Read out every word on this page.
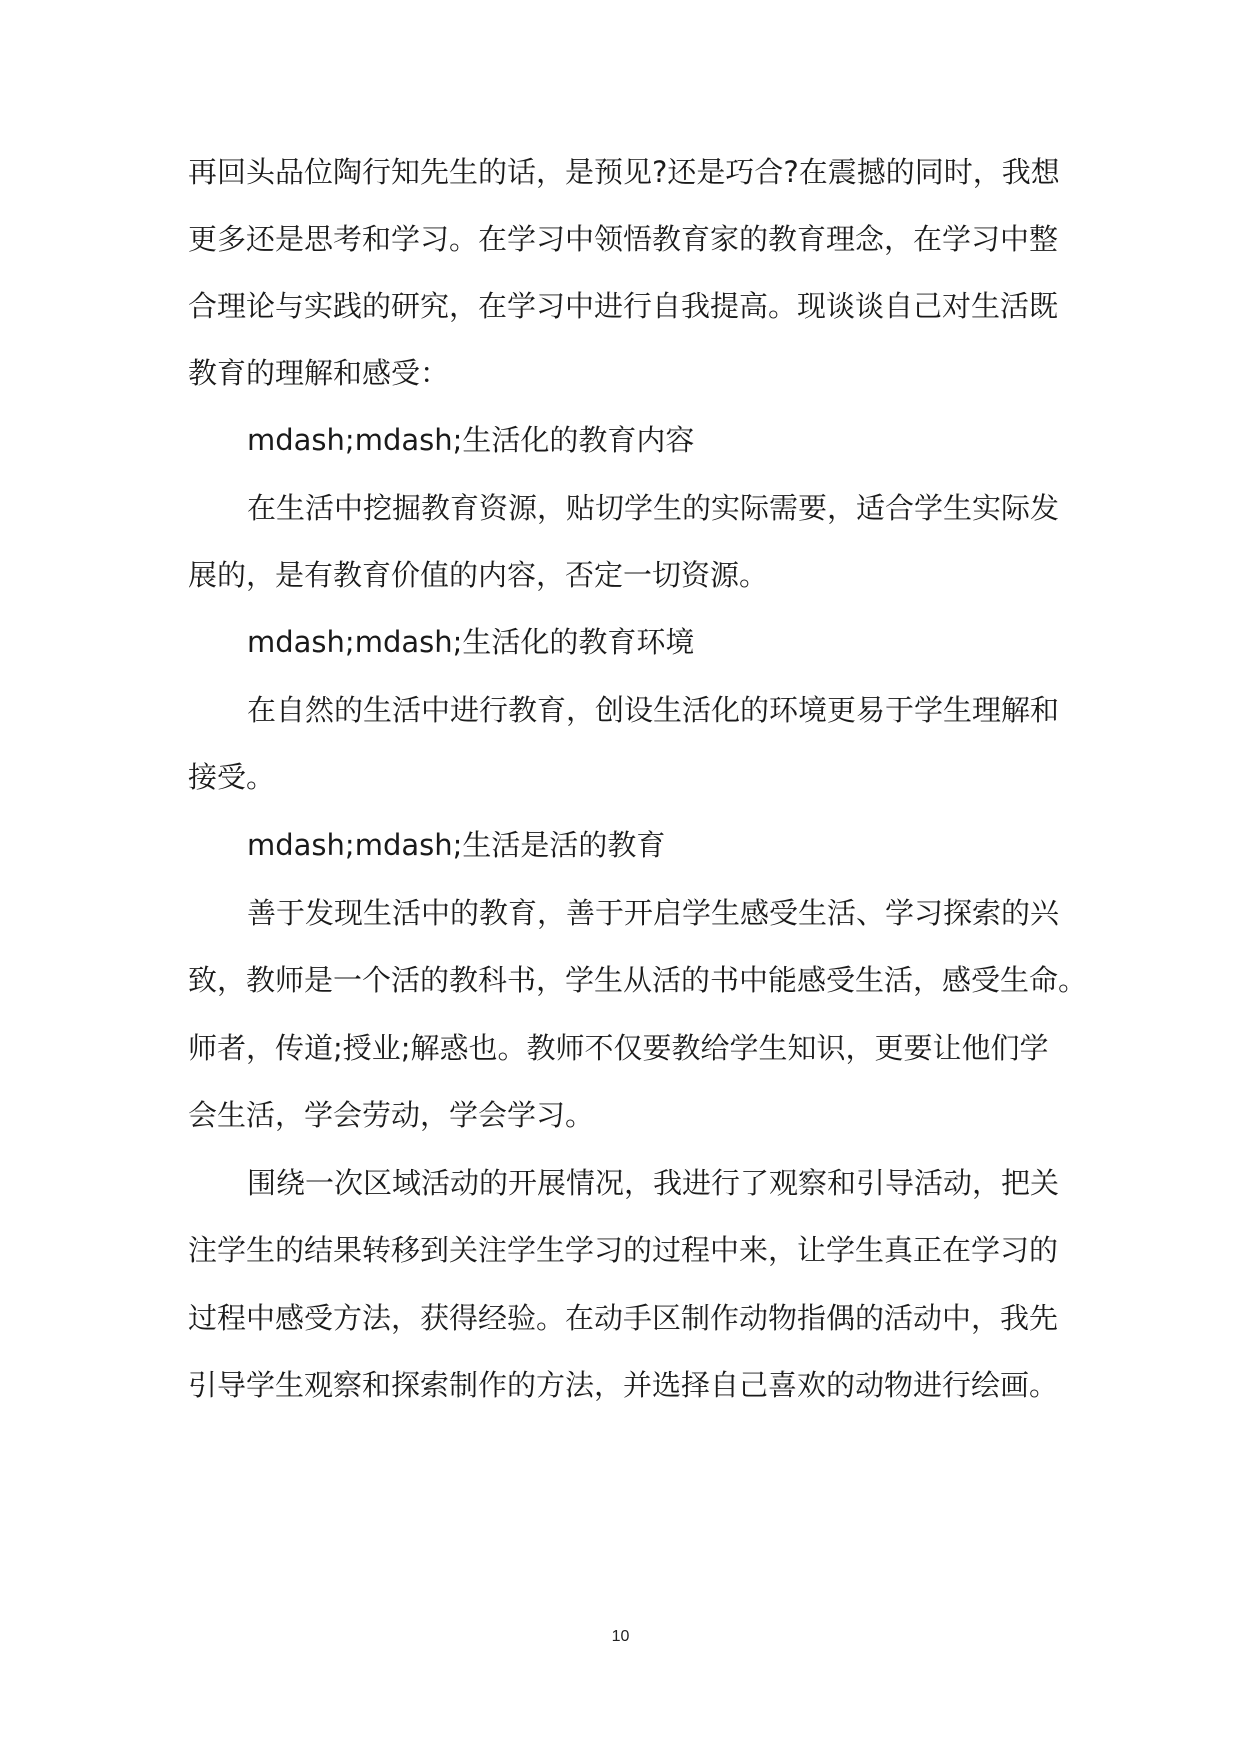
再回头品位陶行知先生的话，是预见?还是巧合?在震撼的同时，我想
更多还是思考和学习。在学习中领悟教育家的教育理念，在学习中整
合理论与实践的研究，在学习中进行自我提高。现谈谈自己对生活既
教育的理解和感受：
mdash;mdash;生活化的教育内容
在生活中挖掘教育资源，贴切学生的实际需要，适合学生实际发
展的，是有教育价值的内容，否定一切资源。
mdash;mdash;生活化的教育环境
在自然的生活中进行教育，创设生活化的环境更易于学生理解和
接受。
mdash;mdash;生活是活的教育
善于发现生活中的教育，善于开启学生感受生活、学习探索的兴
致，教师是一个活的教科书，学生从活的书中能感受生活，感受生命。
师者，传道;授业;解惑也。教师不仅要教给学生知识，更要让他们学
会生活，学会劳动，学会学习。
围绕一次区域活动的开展情况，我进行了观察和引导活动，把关
注学生的结果转移到关注学生学习的过程中来，让学生真正在学习的
过程中感受方法，获得经验。在动手区制作动物指偶的活动中，我先
引导学生观察和探索制作的方法，并选择自己喜欢的动物进行绘画。
10
